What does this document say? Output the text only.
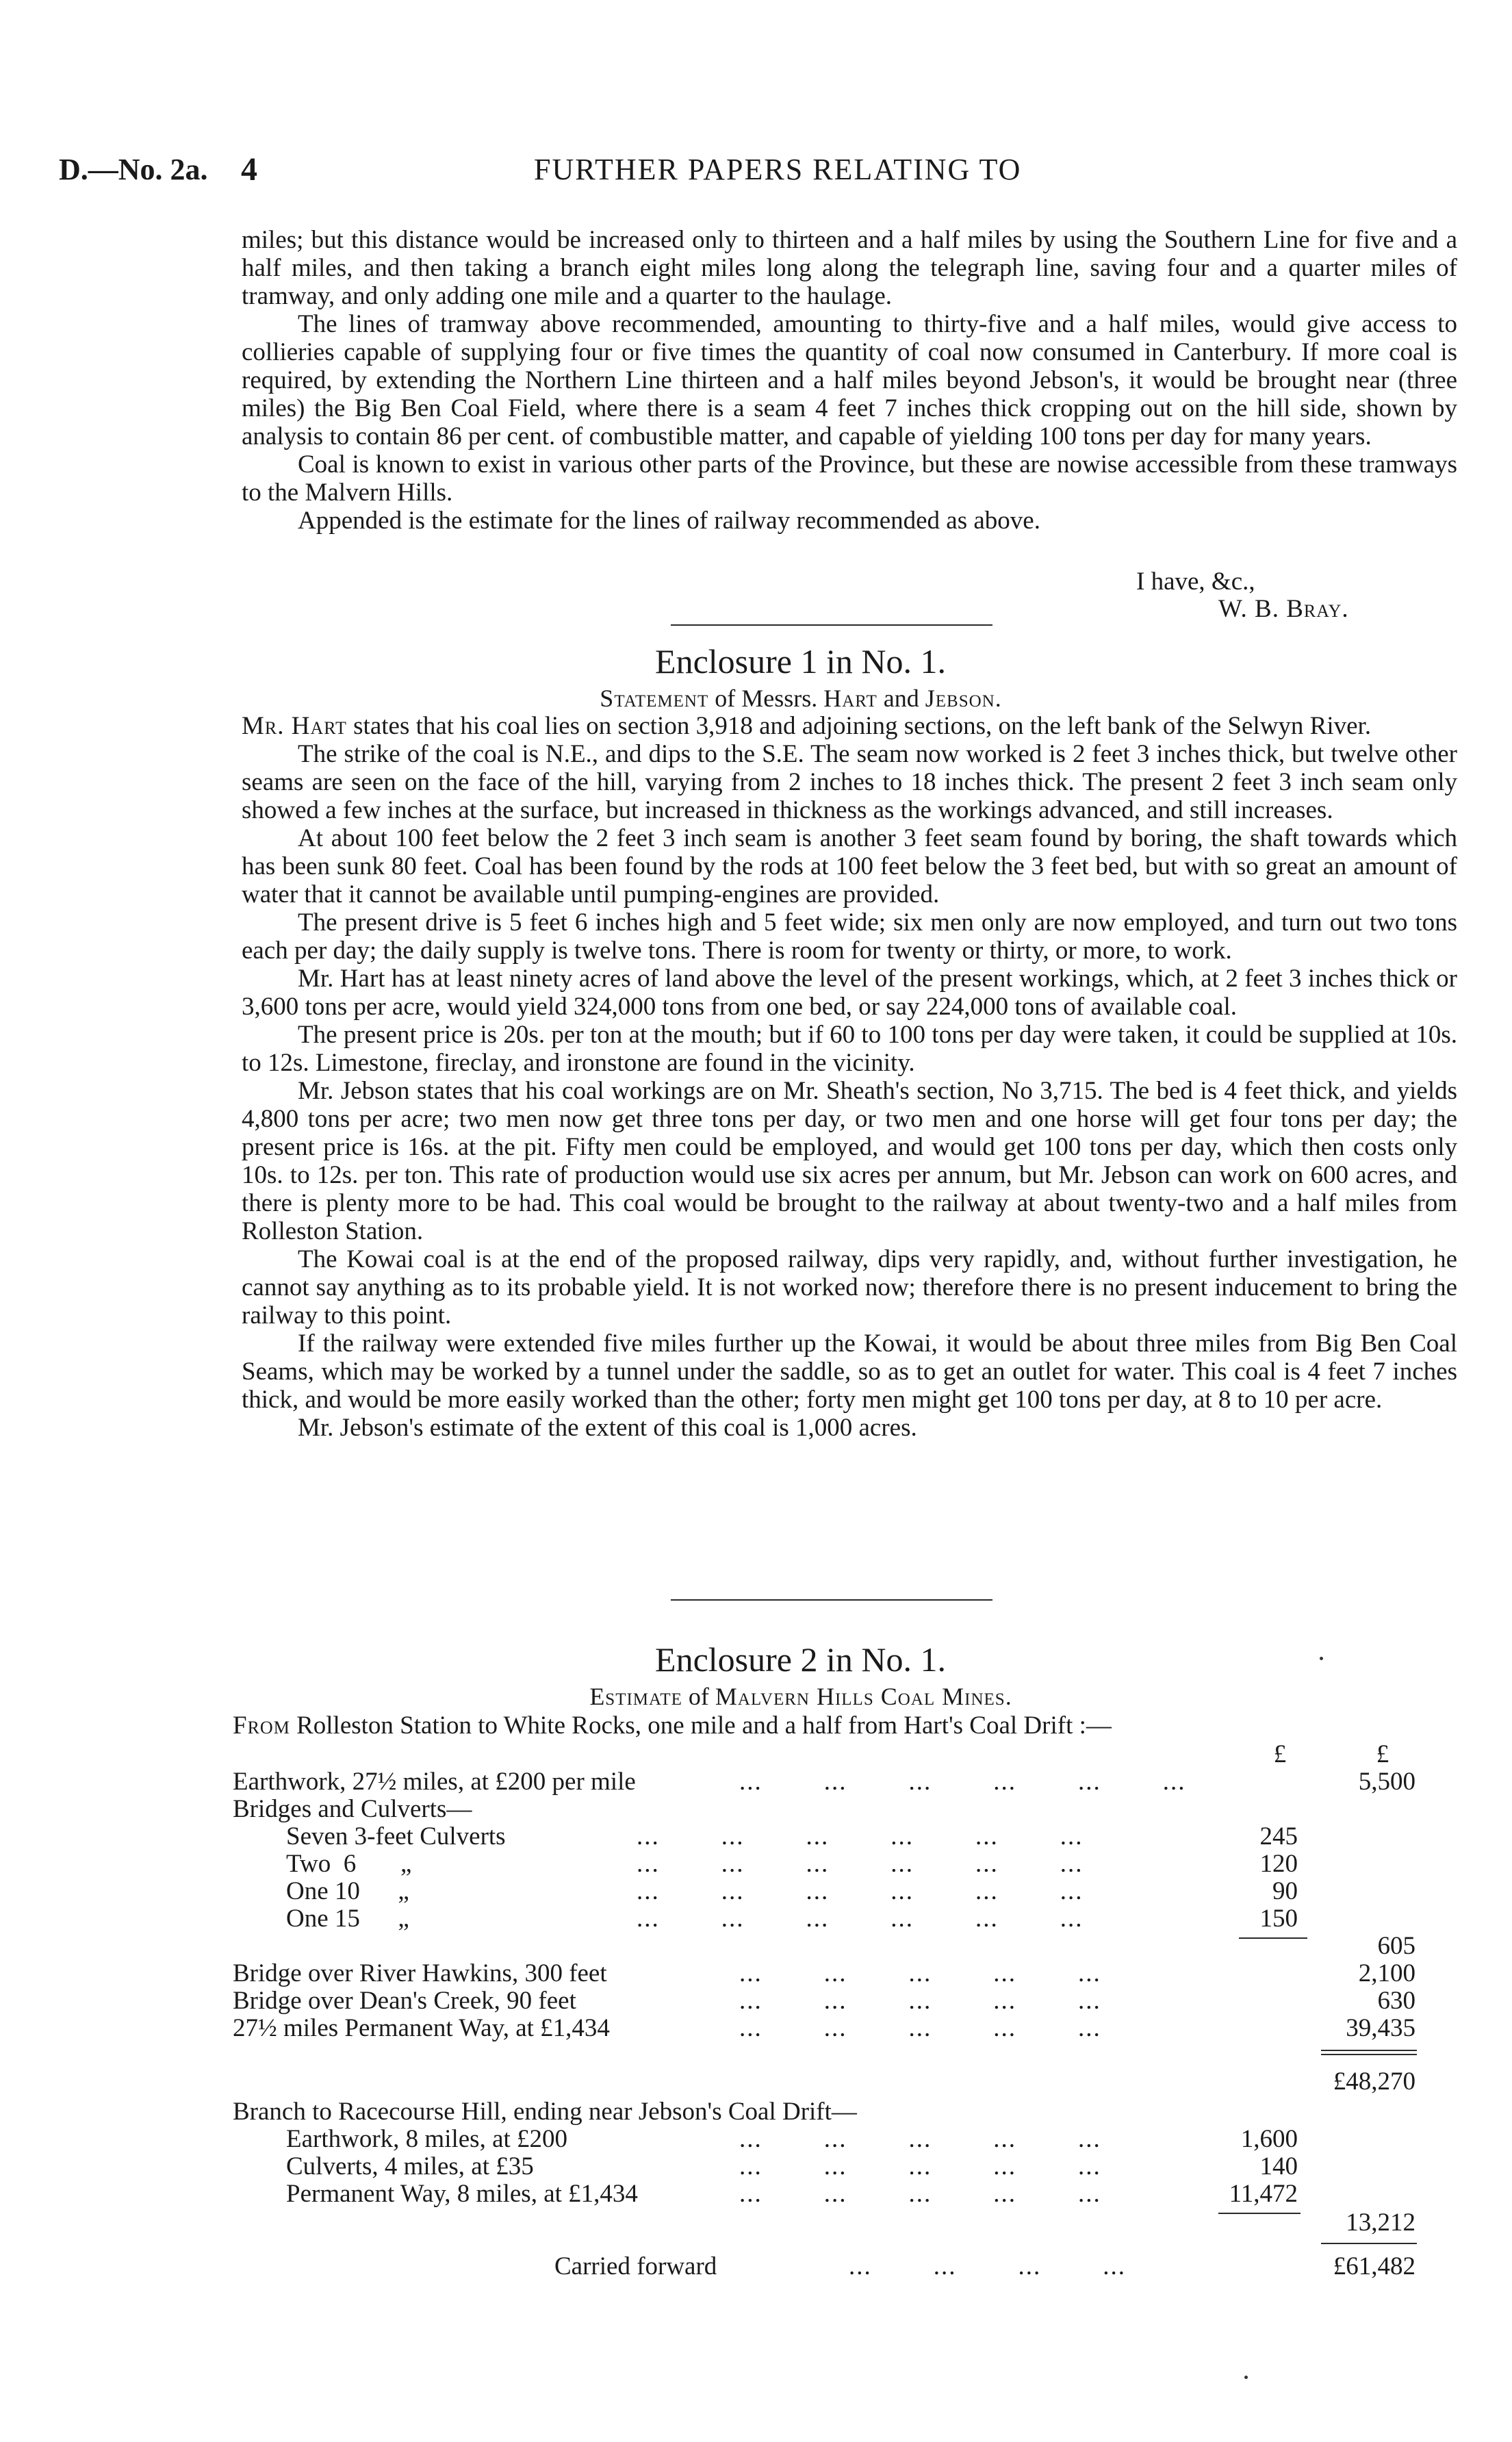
D.—No. 2a. 4	FURTHER PAPERS RELATING TO

miles; but this distance would be increased only to thirteen and a half miles by using the Southern Line for five and a half miles, and then taking a branch eight miles long along the telegraph line, saving four and a quarter miles of tramway, and only adding one mile and a quarter to the haulage.

The lines of tramway above recommended, amounting to thirty-five and a half miles, would give access to collieries capable of supplying four or five times the quantity of coal now consumed in Canterbury. If more coal is required, by extending the Northern Line thirteen and a half miles beyond Jebson's, it would be brought near (three miles) the Big Ben Coal Field, where there is a seam 4 feet 7 inches thick cropping out on the hill side, shown by analysis to contain 86 per cent. of combustible matter, and capable of yielding 100 tons per day for many years.

Coal is known to exist in various other parts of the Province, but these are nowise accessible from these tramways to the Malvern Hills.

Appended is the estimate for the lines of railway recommended as above.

I have, &c.,
W. B. Bray.
Enclosure 1 in No. 1.
Statement of Messrs. Hart and Jebson.

Mr. Hart states that his coal lies on section 3,918 and adjoining sections, on the left bank of the Selwyn River.

The strike of the coal is N.E., and dips to the S.E. The seam now worked is 2 feet 3 inches thick, but twelve other seams are seen on the face of the hill, varying from 2 inches to 18 inches thick. The present 2 feet 3 inch seam only showed a few inches at the surface, but increased in thickness as the workings advanced, and still increases.

At about 100 feet below the 2 feet 3 inch seam is another 3 feet seam found by boring, the shaft towards which has been sunk 80 feet. Coal has been found by the rods at 100 feet below the 3 feet bed, but with so great an amount of water that it cannot be available until pumping-engines are provided.

The present drive is 5 feet 6 inches high and 5 feet wide; six men only are now employed, and turn out two tons each per day; the daily supply is twelve tons. There is room for twenty or thirty, or more, to work.

Mr. Hart has at least ninety acres of land above the level of the present workings, which, at 2 feet 3 inches thick or 3,600 tons per acre, would yield 324,000 tons from one bed, or say 224,000 tons of available coal.

The present price is 20s. per ton at the mouth; but if 60 to 100 tons per day were taken, it could be supplied at 10s. to 12s. Limestone, fireclay, and ironstone are found in the vicinity.

Mr. Jebson states that his coal workings are on Mr. Sheath's section, No 3,715. The bed is 4 feet thick, and yields 4,800 tons per acre; two men now get three tons per day, or two men and one horse will get four tons per day; the present price is 16s. at the pit. Fifty men could be employed, and would get 100 tons per day, which then costs only 10s. to 12s. per ton. This rate of production would use six acres per annum, but Mr. Jebson can work on 600 acres, and there is plenty more to be had. This coal would be brought to the railway at about twenty-two and a half miles from Rolleston Station.

The Kowai coal is at the end of the proposed railway, dips very rapidly, and, without further investigation, he cannot say anything as to its probable yield. It is not worked now; therefore there is no present inducement to bring the railway to this point.

If the railway were extended five miles further up the Kowai, it would be about three miles from Big Ben Coal Seams, which may be worked by a tunnel under the saddle, so as to get an outlet for water. This coal is 4 feet 7 inches thick, and would be more easily worked than the other; forty men might get 100 tons per day, at 8 to 10 per acre.

Mr. Jebson's estimate of the extent of this coal is 1,000 acres.

Enclosure 2 in No. 1.
Estimate of Malvern Hills Coal Mines.
From Rolleston Station to White Rocks, one mile and a half from Hart's Coal Drift :—
£	£
Earthwork, 27½ miles, at £200 per mile	...        ...        ...        ...        ...        ...	5,500
Bridges and Culverts—
Seven 3-feet Culverts	...        ...        ...        ...        ...        ...	245
Two  6       „	...        ...        ...        ...        ...        ...	120
One 10      „	...        ...        ...        ...        ...        ...	90
One 15      „	...        ...        ...        ...        ...        ...	150
605
Bridge over River Hawkins, 300 feet	...        ...        ...        ...        ...	2,100
Bridge over Dean's Creek, 90 feet	...        ...        ...        ...        ...	630
27½ miles Permanent Way, at £1,434	...        ...        ...        ...        ...	39,435
£48,270
Branch to Racecourse Hill, ending near Jebson's Coal Drift—
Earthwork, 8 miles, at £200	...        ...        ...        ...        ...	1,600
Culverts, 4 miles, at £35	...        ...        ...        ...        ...	140
Permanent Way, 8 miles, at £1,434	...        ...        ...        ...        ...	11,472
13,212
Carried forward	...        ...        ...        ...	£61,482
